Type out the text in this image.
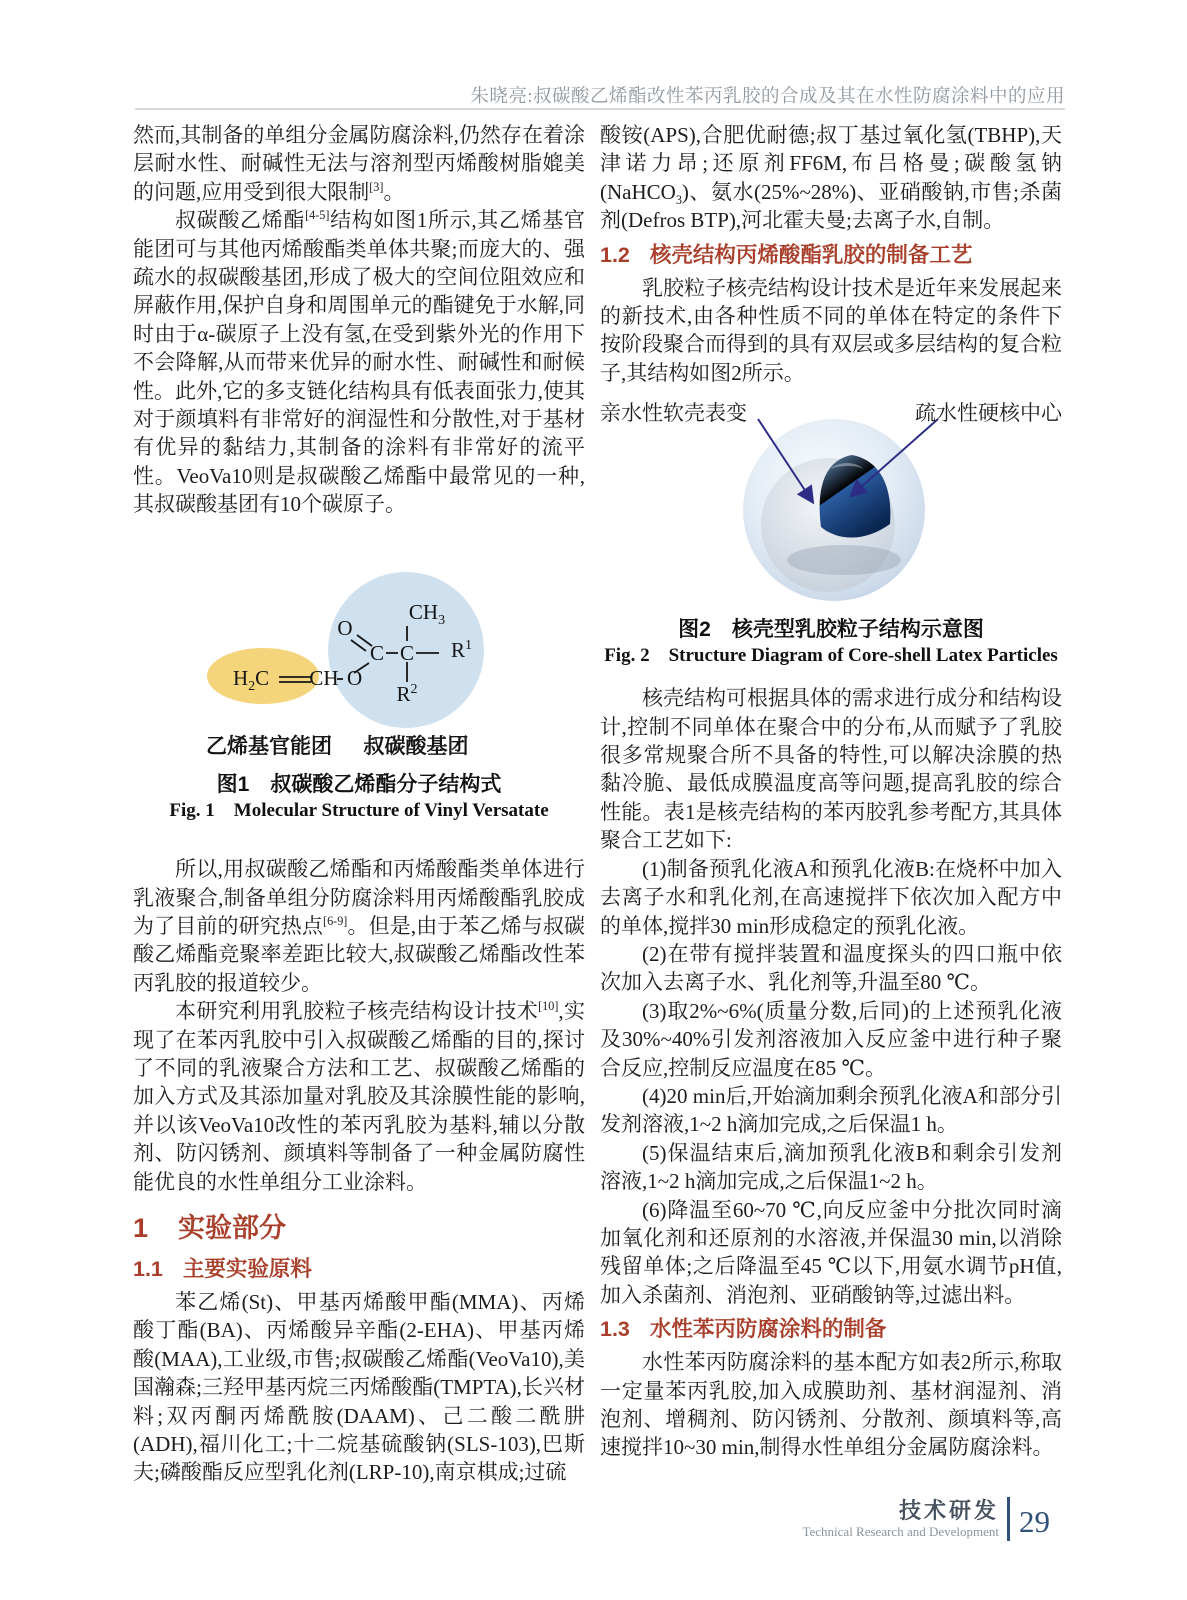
朱晓亮:叔碳酸乙烯酯改性苯丙乳胶的合成及其在水性防腐涂料中的应用

然而,其制备的单组分金属防腐涂料,仍然存在着涂层耐水性、耐碱性无法与溶剂型丙烯酸树脂媲美的问题,应用受到很大限制[3]。

叔碳酸乙烯酯[4-5]结构如图1所示,其乙烯基官能团可与其他丙烯酸酯类单体共聚;而庞大的、强疏水的叔碳酸基团,形成了极大的空间位阻效应和屏蔽作用,保护自身和周围单元的酯键免于水解,同时由于α-碳原子上没有氢,在受到紫外光的作用下不会降解,从而带来优异的耐水性、耐碱性和耐候性。此外,它的多支链化结构具有低表面张力,使其对于颜填料有非常好的润湿性和分散性,对于基材有优异的黏结力,其制备的涂料有非常好的流平性。VeoVa10则是叔碳酸乙烯酯中最常见的一种,其叔碳酸基团有10个碳原子。

$CH_3$
O
C C $R^1$
$R^2$
$H_2C$ CH O
乙烯基官能团 叔碳酸基团
图1　叔碳酸乙烯酯分子结构式
Fig. 1　Molecular Structure of Vinyl Versatate

所以,用叔碳酸乙烯酯和丙烯酸酯类单体进行乳液聚合,制备单组分防腐涂料用丙烯酸酯乳胶成为了目前的研究热点[6-9]。但是,由于苯乙烯与叔碳酸乙烯酯竞聚率差距比较大,叔碳酸乙烯酯改性苯丙乳胶的报道较少。

本研究利用乳胶粒子核壳结构设计技术[10],实现了在苯丙乳胶中引入叔碳酸乙烯酯的目的,探讨了不同的乳液聚合方法和工艺、叔碳酸乙烯酯的加入方式及其添加量对乳胶及其涂膜性能的影响,并以该VeoVa10改性的苯丙乳胶为基料,辅以分散剂、防闪锈剂、颜填料等制备了一种金属防腐性能优良的水性单组分工业涂料。

1 实验部分
1.1 主要实验原料

苯乙烯(St)、甲基丙烯酸甲酯(MMA)、丙烯酸丁酯(BA)、丙烯酸异辛酯(2-EHA)、甲基丙烯酸(MAA),工业级,市售;叔碳酸乙烯酯(VeoVa10),美国瀚森;三羟甲基丙烷三丙烯酸酯(TMPTA),长兴材料;双丙酮丙烯酰胺(DAAM)、己二酸二酰肼(ADH),福川化工;十二烷基硫酸钠(SLS-103),巴斯夫;磷酸酯反应型乳化剂(LRP-10),南京棋成;过硫

酸铵(APS),合肥优耐德;叔丁基过氧化氢(TBHP),天津诺力昂;还原剂FF6M,布吕格曼;碳酸氢钠(NaHCO$_3$)、氨水(25%~28%)、亚硝酸钠,市售;杀菌剂(Defros BTP),河北霍夫曼;去离子水,自制。

1.2 核壳结构丙烯酸酯乳胶的制备工艺

乳胶粒子核壳结构设计技术是近年来发展起来的新技术,由各种性质不同的单体在特定的条件下按阶段聚合而得到的具有双层或多层结构的复合粒子,其结构如图2所示。

亲水性软壳表变	疏水性硬核中心
图2　核壳型乳胶粒子结构示意图
Fig. 2　Structure Diagram of Core-shell Latex Particles

核壳结构可根据具体的需求进行成分和结构设计,控制不同单体在聚合中的分布,从而赋予了乳胶很多常规聚合所不具备的特性,可以解决涂膜的热黏冷脆、最低成膜温度高等问题,提高乳胶的综合性能。表1是核壳结构的苯丙胶乳参考配方,其具体聚合工艺如下:

(1)制备预乳化液A和预乳化液B:在烧杯中加入去离子水和乳化剂,在高速搅拌下依次加入配方中的单体,搅拌30 min形成稳定的预乳化液。

(2)在带有搅拌装置和温度探头的四口瓶中依次加入去离子水、乳化剂等,升温至80 ℃。

(3)取2%~6%(质量分数,后同)的上述预乳化液及30%~40%引发剂溶液加入反应釜中进行种子聚合反应,控制反应温度在85 ℃。

(4)20 min后,开始滴加剩余预乳化液A和部分引发剂溶液,1~2 h滴加完成,之后保温1 h。

(5)保温结束后,滴加预乳化液B和剩余引发剂溶液,1~2 h滴加完成,之后保温1~2 h。

(6)降温至60~70 ℃,向反应釜中分批次同时滴加氧化剂和还原剂的水溶液,并保温30 min,以消除残留单体;之后降温至45 ℃以下,用氨水调节pH值,加入杀菌剂、消泡剂、亚硝酸钠等,过滤出料。

1.3 水性苯丙防腐涂料的制备

水性苯丙防腐涂料的基本配方如表2所示,称取一定量苯丙乳胶,加入成膜助剂、基材润湿剂、消泡剂、增稠剂、防闪锈剂、分散剂、颜填料等,高速搅拌10~30 min,制得水性单组分金属防腐涂料。

技术研发
Technical Research and Development 29
